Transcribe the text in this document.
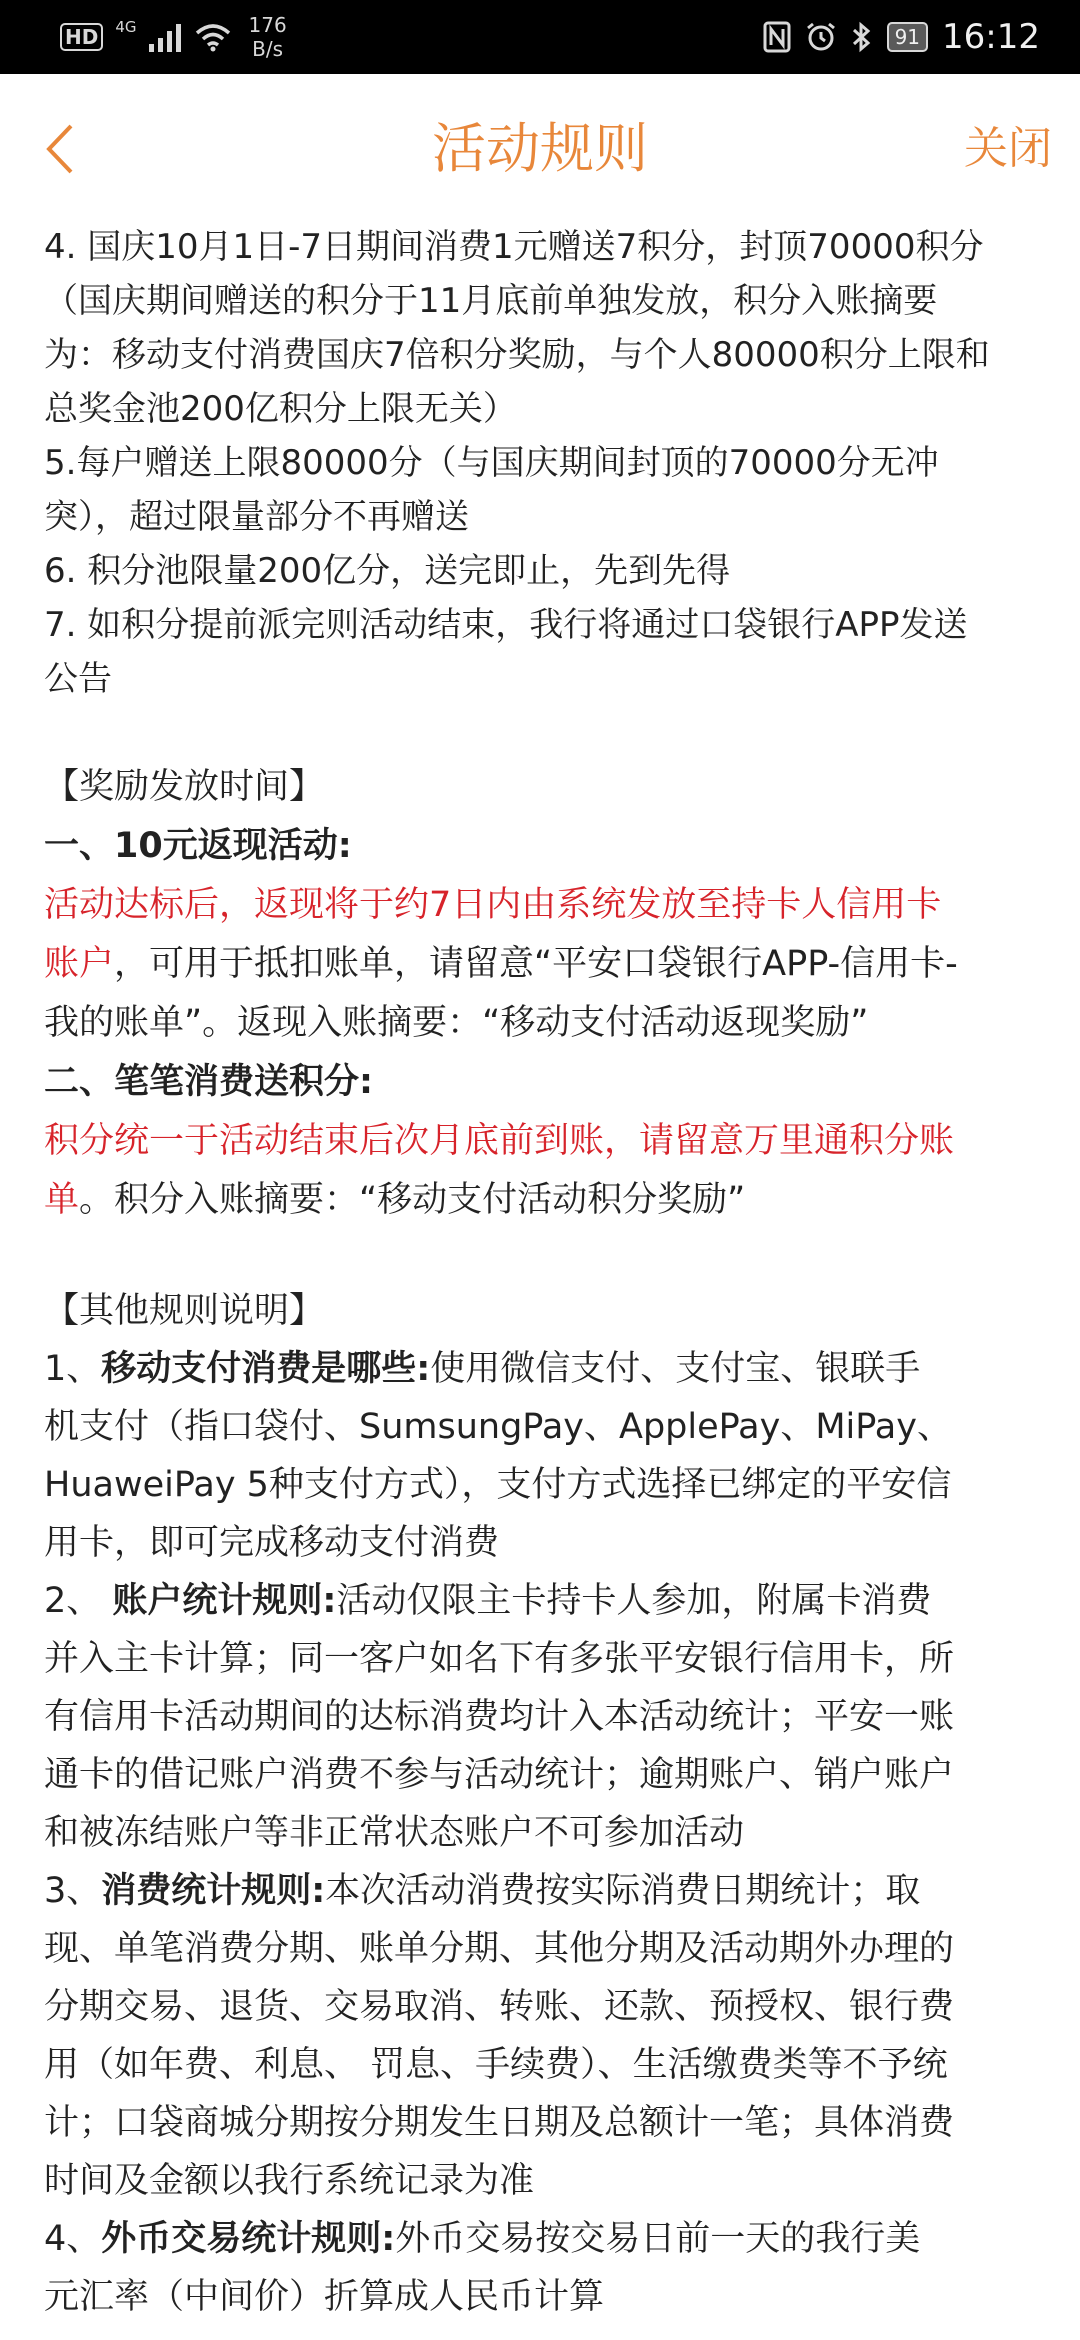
HD	4G	176
B/s	91 16:12
活动规则	关闭
4. 国庆10月1日-7日期间消费1元赠送7积分，封顶70000积分
（国庆期间赠送的积分于11月底前单独发放，积分入账摘要
为：移动支付消费国庆7倍积分奖励，与个人80000积分上限和
总奖金池200亿积分上限无关）
5.每户赠送上限80000分（与国庆期间封顶的70000分无冲
突），超过限量部分不再赠送
6. 积分池限量200亿分，送完即止，先到先得
7. 如积分提前派完则活动结束，我行将通过口袋银行APP发送
公告
【奖励发放时间】
一、10元返现活动:
活动达标后，返现将于约7日内由系统发放至持卡人信用卡
账户，可用于抵扣账单，请留意“平安口袋银行APP-信用卡-
我的账单”。返现入账摘要：“移动支付活动返现奖励”
二、笔笔消费送积分:
积分统一于活动结束后次月底前到账，请留意万里通积分账
单。积分入账摘要：“移动支付活动积分奖励”
【其他规则说明】
1、移动支付消费是哪些:使用微信支付、支付宝、银联手
机支付（指口袋付、SumsungPay、ApplePay、MiPay、
HuaweiPay 5种支付方式），支付方式选择已绑定的平安信
用卡，即可完成移动支付消费
2、 账户统计规则:活动仅限主卡持卡人参加，附属卡消费
并入主卡计算；同一客户如名下有多张平安银行信用卡，所
有信用卡活动期间的达标消费均计入本活动统计；平安一账
通卡的借记账户消费不参与活动统计；逾期账户、销户账户
和被冻结账户等非正常状态账户不可参加活动
3、消费统计规则:本次活动消费按实际消费日期统计；取
现、单笔消费分期、账单分期、其他分期及活动期外办理的
分期交易、退货、交易取消、转账、还款、预授权、银行费
用（如年费、利息、 罚息、手续费）、生活缴费类等不予统
计；口袋商城分期按分期发生日期及总额计一笔；具体消费
时间及金额以我行系统记录为准
4、外币交易统计规则:外币交易按交易日前一天的我行美
元汇率（中间价）折算成人民币计算
